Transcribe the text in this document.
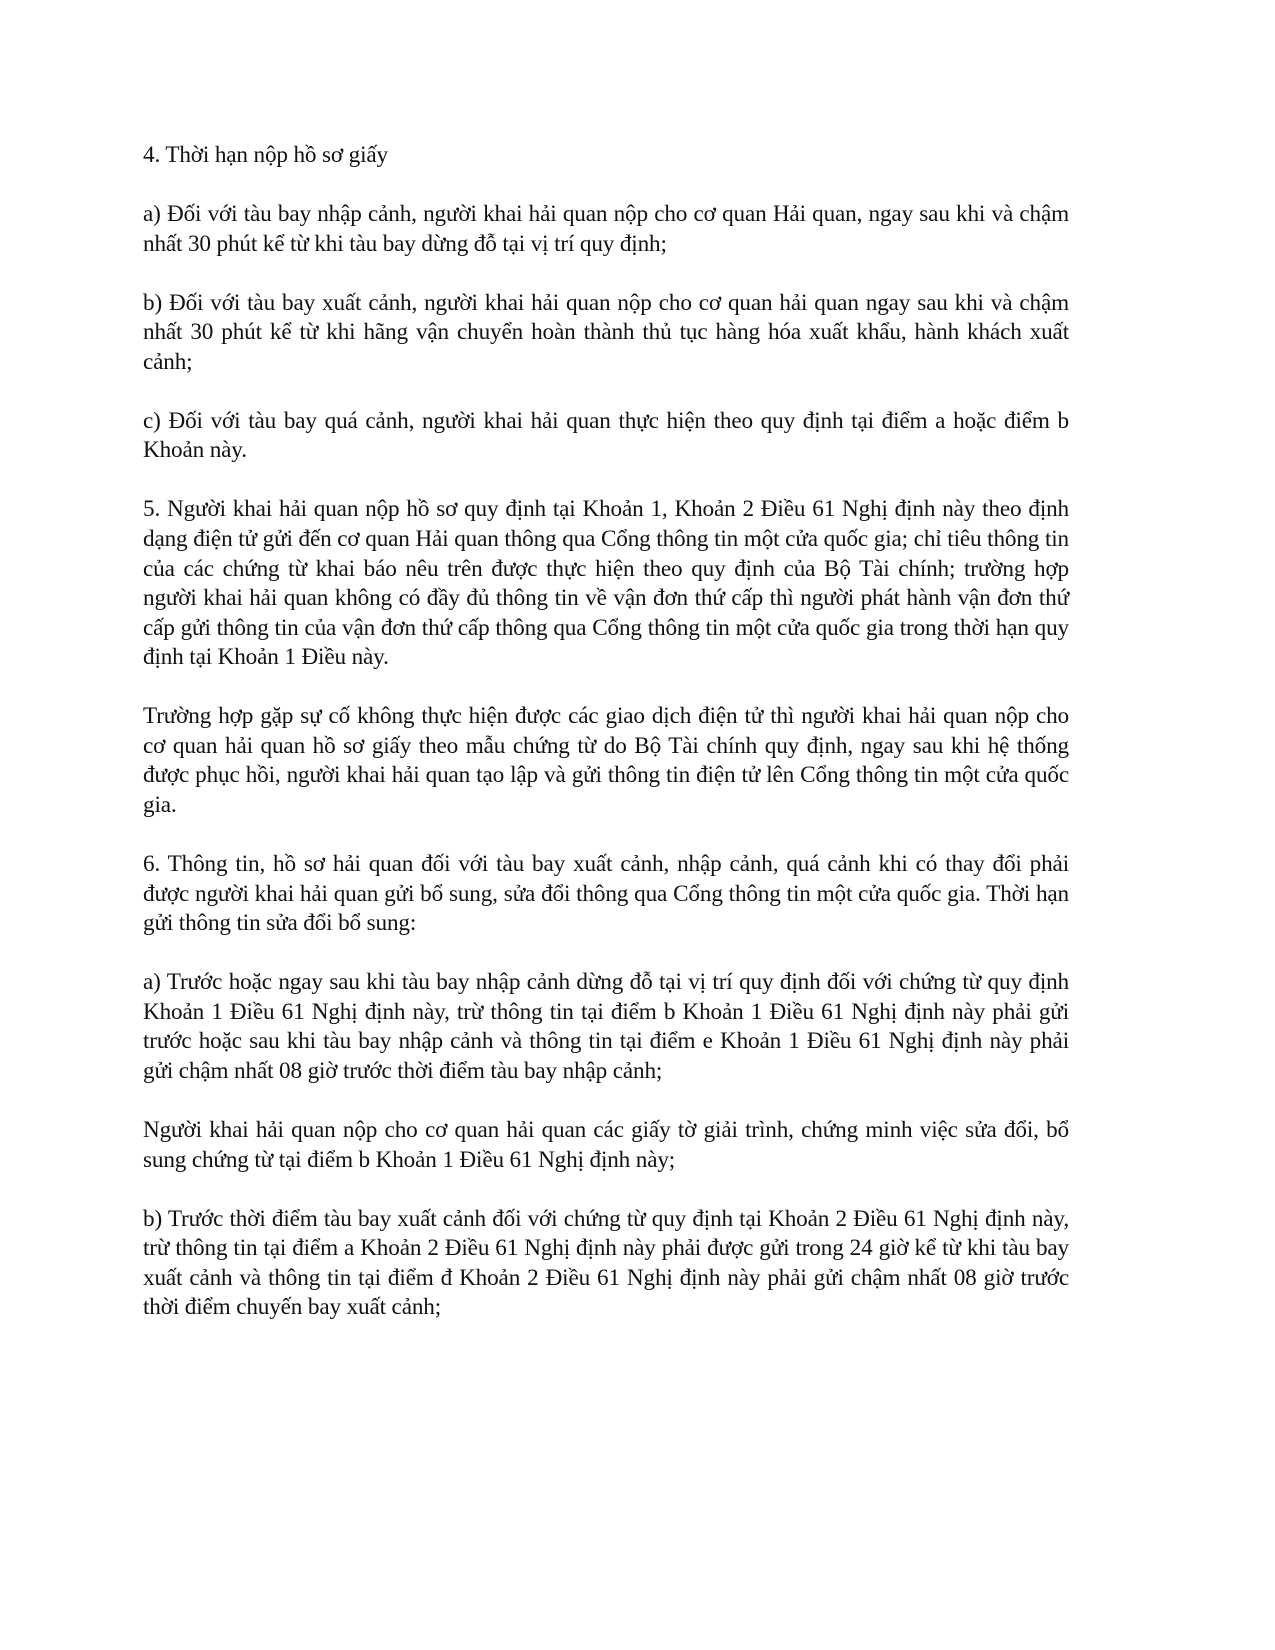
4. Thời hạn nộp hồ sơ giấy

a) Đối với tàu bay nhập cảnh, người khai hải quan nộp cho cơ quan Hải quan, ngay sau khi và chậm nhất 30 phút kể từ khi tàu bay dừng đỗ tại vị trí quy định;

b) Đối với tàu bay xuất cảnh, người khai hải quan nộp cho cơ quan hải quan ngay sau khi và chậm nhất 30 phút kể từ khi hãng vận chuyển hoàn thành thủ tục hàng hóa xuất khẩu, hành khách xuất cảnh;

c) Đối với tàu bay quá cảnh, người khai hải quan thực hiện theo quy định tại điểm a hoặc điểm b Khoản này.

5. Người khai hải quan nộp hồ sơ quy định tại Khoản 1, Khoản 2 Điều 61 Nghị định này theo định dạng điện tử gửi đến cơ quan Hải quan thông qua Cổng thông tin một cửa quốc gia; chỉ tiêu thông tin của các chứng từ khai báo nêu trên được thực hiện theo quy định của Bộ Tài chính; trường hợp người khai hải quan không có đầy đủ thông tin về vận đơn thứ cấp thì người phát hành vận đơn thứ cấp gửi thông tin của vận đơn thứ cấp thông qua Cổng thông tin một cửa quốc gia trong thời hạn quy định tại Khoản 1 Điều này.

Trường hợp gặp sự cố không thực hiện được các giao dịch điện tử thì người khai hải quan nộp cho cơ quan hải quan hồ sơ giấy theo mẫu chứng từ do Bộ Tài chính quy định, ngay sau khi hệ thống được phục hồi, người khai hải quan tạo lập và gửi thông tin điện tử lên Cổng thông tin một cửa quốc gia.

6. Thông tin, hồ sơ hải quan đối với tàu bay xuất cảnh, nhập cảnh, quá cảnh khi có thay đổi phải được người khai hải quan gửi bổ sung, sửa đổi thông qua Cổng thông tin một cửa quốc gia. Thời hạn gửi thông tin sửa đổi bổ sung:

a) Trước hoặc ngay sau khi tàu bay nhập cảnh dừng đỗ tại vị trí quy định đối với chứng từ quy định Khoản 1 Điều 61 Nghị định này, trừ thông tin tại điểm b Khoản 1 Điều 61 Nghị định này phải gửi trước hoặc sau khi tàu bay nhập cảnh và thông tin tại điểm e Khoản 1 Điều 61 Nghị định này phải gửi chậm nhất 08 giờ trước thời điểm tàu bay nhập cảnh;

Người khai hải quan nộp cho cơ quan hải quan các giấy tờ giải trình, chứng minh việc sửa đổi, bổ sung chứng từ tại điểm b Khoản 1 Điều 61 Nghị định này;

b) Trước thời điểm tàu bay xuất cảnh đối với chứng từ quy định tại Khoản 2 Điều 61 Nghị định này, trừ thông tin tại điểm a Khoản 2 Điều 61 Nghị định này phải được gửi trong 24 giờ kể từ khi tàu bay xuất cảnh và thông tin tại điểm đ Khoản 2 Điều 61 Nghị định này phải gửi chậm nhất 08 giờ trước thời điểm chuyến bay xuất cảnh;
